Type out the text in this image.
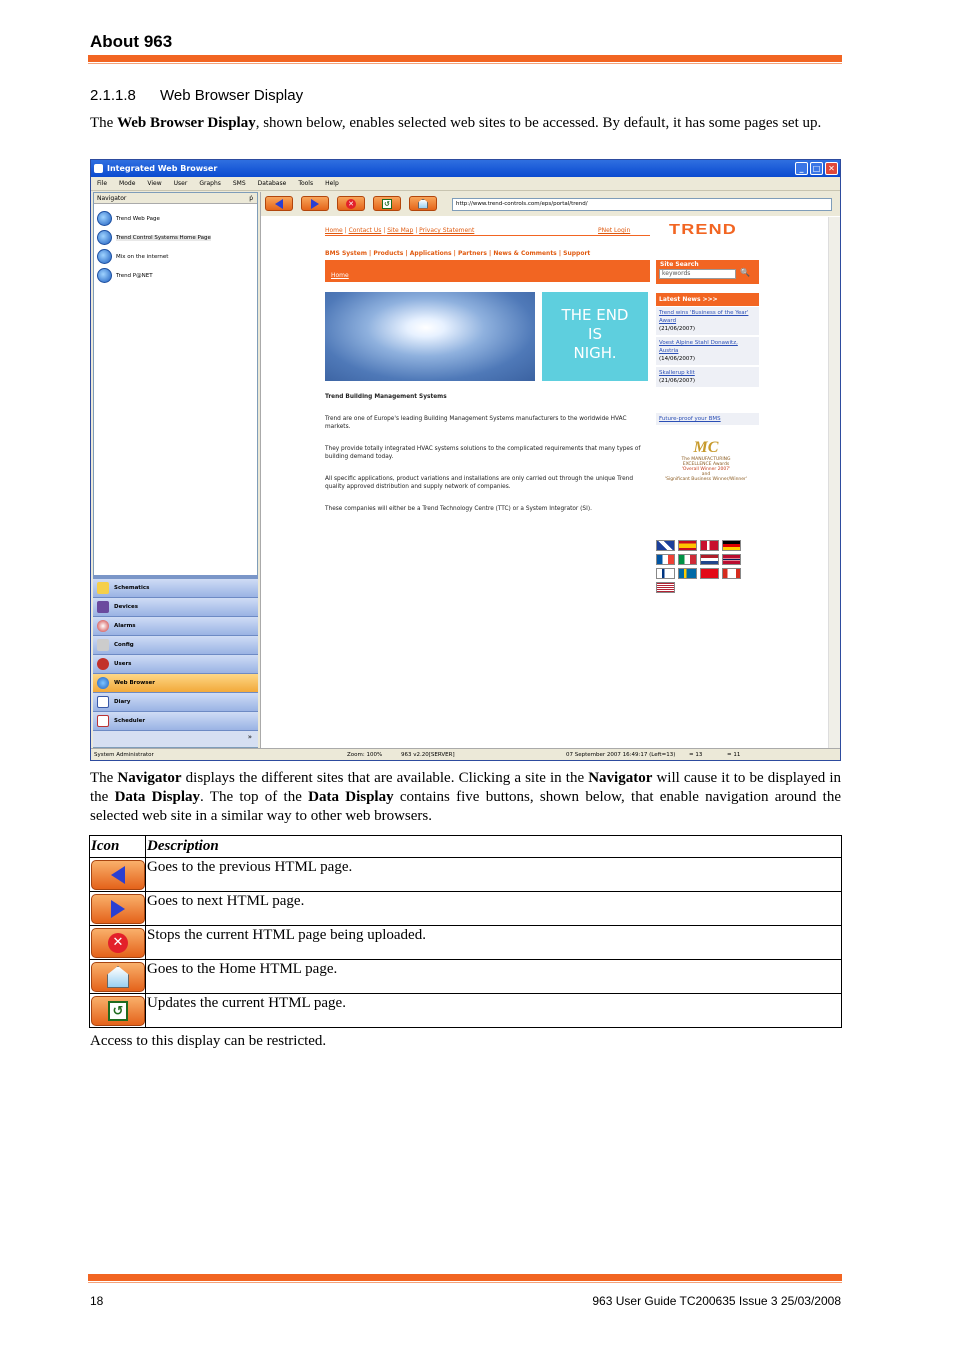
About 963
2.1.1.8 Web Browser Display
The Web Browser Display, shown below, enables selected web sites to be accessed. By default, it has some pages set up.
Integrated Web Browser	_	□ ✕
File Mode View User Graphs SMS Database Tools Help
Navigator	ṗ
Trend Web Page
Trend Control Systems Home Page
Mix on the internet
Trend P@NET
Schematics
Devices
Alarms
Config
Users
Web Browser
Diary
Scheduler
»
✕	↺	http://www.trend-controls.com/eps/portal/trend/
Home | Contact Us | Site Map | Privacy Statement	PNet Login	TREND
BMS System | Products | Applications | Partners | News & Comments | Support
Home
Site Search
keywords	🔍
THE END
IS
NIGH.
Latest News >>>
Trend wins 'Business of the Year' Award
(21/06/2007)
Voest Alpine Stahl Donawitz, Austria
(14/06/2007)
Skallerup klit
(21/06/2007)
Future-proof your BMS
Trend Building Management Systems

Trend are one of Europe's leading Building Management Systems manufacturers to the worldwide HVAC markets.

They provide totally integrated HVAC systems solutions to the complicated requirements that many types of building demand today.

All specific applications, product variations and installations are only carried out through the unique Trend quality approved distribution and supply network of companies.

These companies will either be a Trend Technology Centre (TTC) or a System Integrator (SI).

MC
The MANUFACTURING
EXCELLENCE Awards
'Overall Winner 2007'
and
'Significant Business Winner/Winner'
System Administrator	Zoom: 100%	963 v2.20[SERVER]	07 September 2007 16:49:17 (Left=13) = 13	= 11
The Navigator displays the different sites that are available. Clicking a site in the Navigator will cause it to be displayed in the Data Display. The top of the Data Display contains five buttons, shown below, that enable navigation around the selected web site in a similar way to other web browsers.
Icon	Description

	Goes to the previous HTML page.

	Goes to next HTML page.

✕	Stops the current HTML page being uploaded.

	Goes to the Home HTML page.

↺	Updates the current HTML page.
Access to this display can be restricted.
18	963 User Guide TC200635 Issue 3 25/03/2008
